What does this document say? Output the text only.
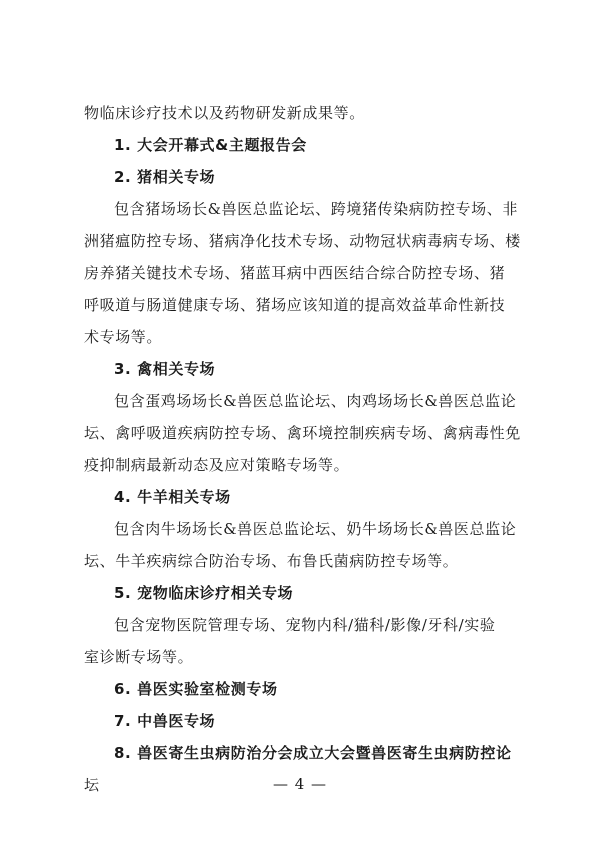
物临床诊疗技术以及药物研发新成果等。
1. 大会开幕式&主题报告会
2. 猪相关专场
包含猪场场长&兽医总监论坛、跨境猪传染病防控专场、非
洲猪瘟防控专场、猪病净化技术专场、动物冠状病毒病专场、楼
房养猪关键技术专场、猪蓝耳病中西医结合综合防控专场、猪
呼吸道与肠道健康专场、猪场应该知道的提高效益革命性新技
术专场等。
3. 禽相关专场
包含蛋鸡场场长&兽医总监论坛、肉鸡场场长&兽医总监论
坛、禽呼吸道疾病防控专场、禽环境控制疾病专场、禽病毒性免
疫抑制病最新动态及应对策略专场等。
4. 牛羊相关专场
包含肉牛场场长&兽医总监论坛、奶牛场场长&兽医总监论
坛、牛羊疾病综合防治专场、布鲁氏菌病防控专场等。
5. 宠物临床诊疗相关专场
包含宠物医院管理专场、宠物内科/猫科/影像/牙科/实验
室诊断专场等。
6. 兽医实验室检测专场
7. 中兽医专场
8. 兽医寄生虫病防治分会成立大会暨兽医寄生虫病防控论
坛	— 4 —
